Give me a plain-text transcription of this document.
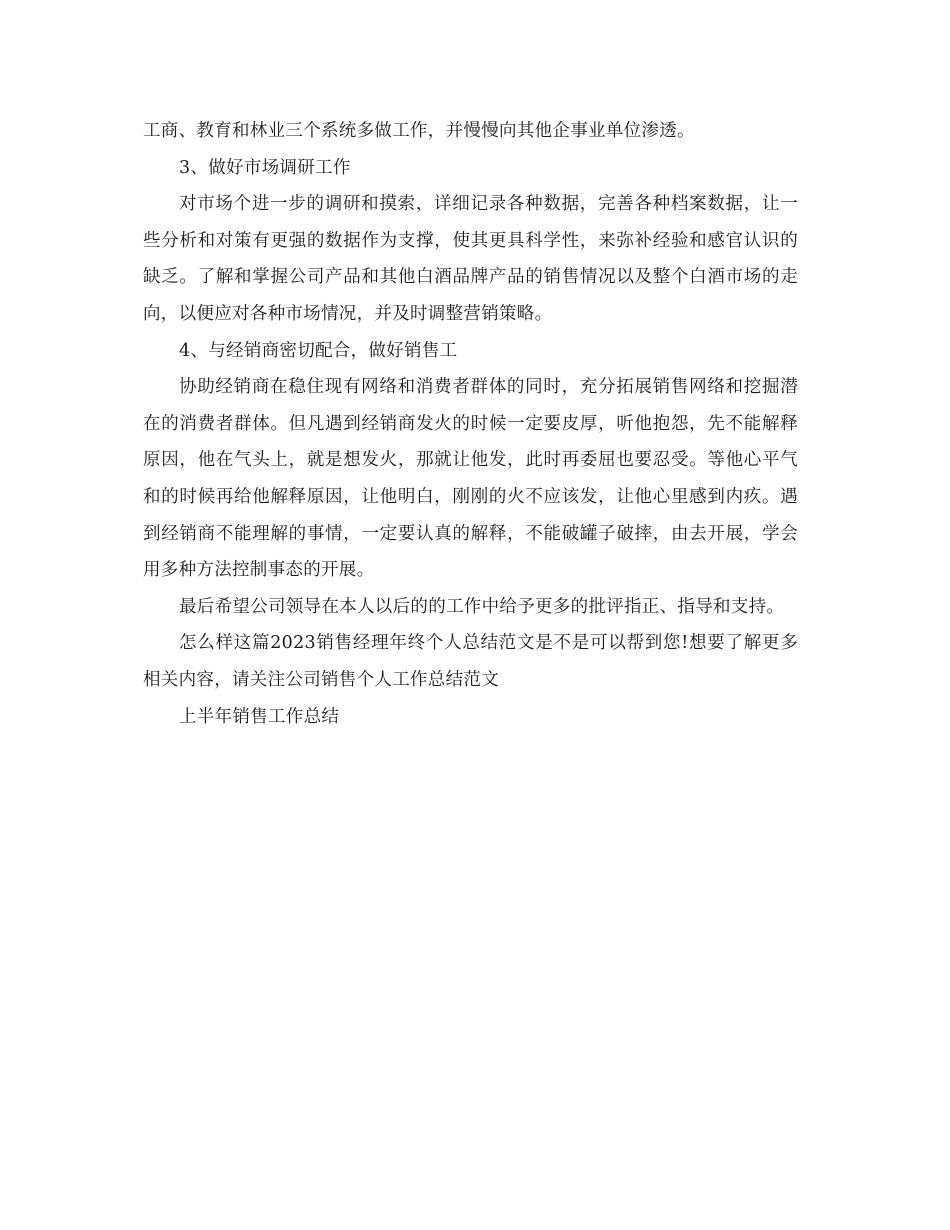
工商、教育和林业三个系统多做工作，并慢慢向其他企事业单位渗透。

3、做好市场调研工作

对市场个进一步的调研和摸索，详细记录各种数据，完善各种档案数据，让一些分析和对策有更强的数据作为支撑，使其更具科学性，来弥补经验和感官认识的缺乏。了解和掌握公司产品和其他白酒品牌产品的销售情况以及整个白酒市场的走向，以便应对各种市场情况，并及时调整营销策略。

4、与经销商密切配合，做好销售工

协助经销商在稳住现有网络和消费者群体的同时，充分拓展销售网络和挖掘潜在的消费者群体。但凡遇到经销商发火的时候一定要皮厚，听他抱怨，先不能解释原因，他在气头上，就是想发火，那就让他发，此时再委屈也要忍受。等他心平气和的时候再给他解释原因，让他明白，刚刚的火不应该发，让他心里感到内疚。遇到经销商不能理解的事情，一定要认真的解释，不能破罐子破摔，由去开展，学会用多种方法控制事态的开展。

最后希望公司领导在本人以后的的工作中给予更多的批评指正、指导和支持。

怎么样这篇2023销售经理年终个人总结范文是不是可以帮到您!想要了解更多相关内容，请关注公司销售个人工作总结范文

上半年销售工作总结
